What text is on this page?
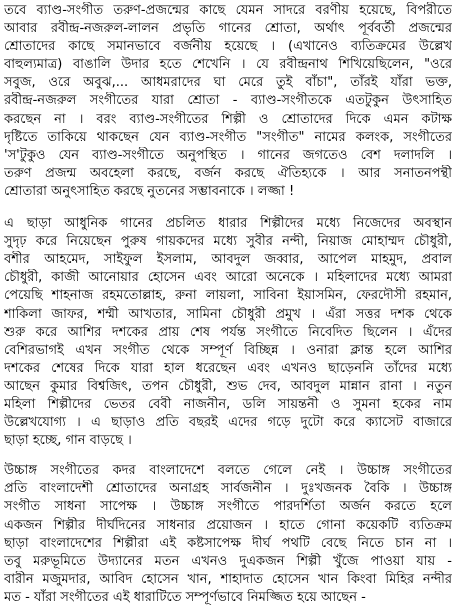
তবে ব্যাণ্ড-সংগীত তরুণ-প্রজন্মের কাছে যেমন সাদরে বরণীয় হয়েছে, বিপরীতে
আবার রবীন্দ্র-নজরুল-লালন প্রভৃতি গানের শ্রোতা, অর্থাৎ পূর্ববর্তী প্রজন্মের
শ্রোতাদের কাছে সমানভাবে বর্জনীয় হয়েছে । (এখানেও ব্যতিক্রমের উল্লেখ
বাহুল্যমাত্র) বাঙালি উদার হতে শেখেনি । যে রবীন্দ্রনাথ শিখিয়েছিলেন, "ওরে
সবুজ, ওরে অবুঝ,... আধমরাদের ঘা মেরে তুই বাঁচা", তাঁরই যাঁরা ভক্ত,
রবীন্দ্র-নজরুল সংগীতের যারা শ্রোতা - ব্যাণ্ড-সংগীতকে এতটুকুন উৎসাহিত
করছেন না । বরং ব্যাণ্ড-সংগীতের শিল্পী ও শ্রোতাদের দিকে এমন কটাক্ষ
দৃষ্টিতে তাকিয়ে থাকছেন যেন ব্যাণ্ড-সংগীত "সংগীত" নামের কলংক, সংগীতের
'স'টুকুও যেন ব্যাণ্ড-সংগীতে অনুপস্থিত । গানের জগতেও বেশ দলাদলি ।
তরুণ প্রজন্ম অবহেলা করছে, বর্জন করছে ঐতিহ্যকে । আর সনাতনপন্থী
শ্রোতারা অনুৎসাহিত করছে নুতনের সম্ভাবনাকে । লজ্জা !
এ ছাড়া আধুনিক গানের প্রচলিত ধারার শিল্পীদের মধ্যে নিজেদের অবস্থান
সুদৃঢ় করে নিয়েছেন পুরুষ গায়কদের মধ্যে সুবীর নন্দী, নিয়াজ মোহাম্মদ চৌধুরী,
বশীর আহমেদ, সাইফুল ইসলাম, আবদুল জব্বার, আপেল মাহমুদ, প্রবাল
চৌধুরী, কাজী আনোয়ার হোসেন এবং আরো অনেকে । মহিলাদের মধ্যে আমরা
পেয়েছি শাহনাজ রহমতোল্লাহ, রুনা লায়লা, সাবিনা ইয়াসমিন, ফেরদৌসী রহমান,
শাকিলা জাফর, শম্মী আখতার, সামিনা চৌধুরী প্রমুখ । এঁরা সত্তর দশক থেকে
শুরু করে আশির দশকের প্রায় শেষ পর্যন্ত সংগীতে নিবেদিত ছিলেন । এঁদের
বেশিরভাগই এখন সংগীত থেকে সম্পূর্ণ বিচ্ছিন্ন । ওনারা ক্লান্ত হলে আশির
দশকের শেষের দিকে যারা হাল ধরেছেন এবং এখনও ছাড়েননি তাঁদের মধ্যে
আছেন কুমার বিশ্বজিৎ, তপন চৌধুরী, শুভ দেব, আবদুল মান্নান রানা । নতুন
মহিলা শিল্পীদের ভেতর বেবী নাজনীন, ডলি সায়ন্তনী ও সুমনা হকের নাম
উল্লেখযোগ্য । এ ছাড়াও প্রতি বছরই এদের গড়ে দুটো করে ক্যাসেট বাজারে
ছাড়া হচ্ছে, গান বাড়ছে ।
উচ্চাঙ্গ সংগীতের কদর বাংলাদেশে বলতে গেলে নেই । উচ্চাঙ্গ সংগীতের
প্রতি বাংলাদেশী শ্রোতাদের অনাগ্রহ সার্বজনীন । দুঃখজনক বৈকি । উচ্চাঙ্গ
সংগীত সাধনা সাপেক্ষ । উচ্চাঙ্গ সংগীতে পারদর্শিতা অর্জন করতে হলে
একজন শিল্পীর দীর্ঘদিনের সাধনার প্রয়োজন । হাতে গোনা কয়েকটি ব্যতিক্রম
ছাড়া বাংলাদেশের শিল্পীরা এই কষ্টসাপেক্ষ দীর্ঘ পথটি বেছে নিতে চান না ।
তবু মরুভূমিতে উদ্যানের মতন এখনও দুএকজন শিল্পী খুঁজে পাওয়া যায় -
বারীন মজুমদার, আবিদ হোসেন খান, শাহাদাত হোসেন খান কিংবা মিহির নন্দীর
মত - যাঁরা সংগীতের এই ধারাটিতে সম্পূর্ণভাবে নিমজ্জিত হয়ে আছেন -
